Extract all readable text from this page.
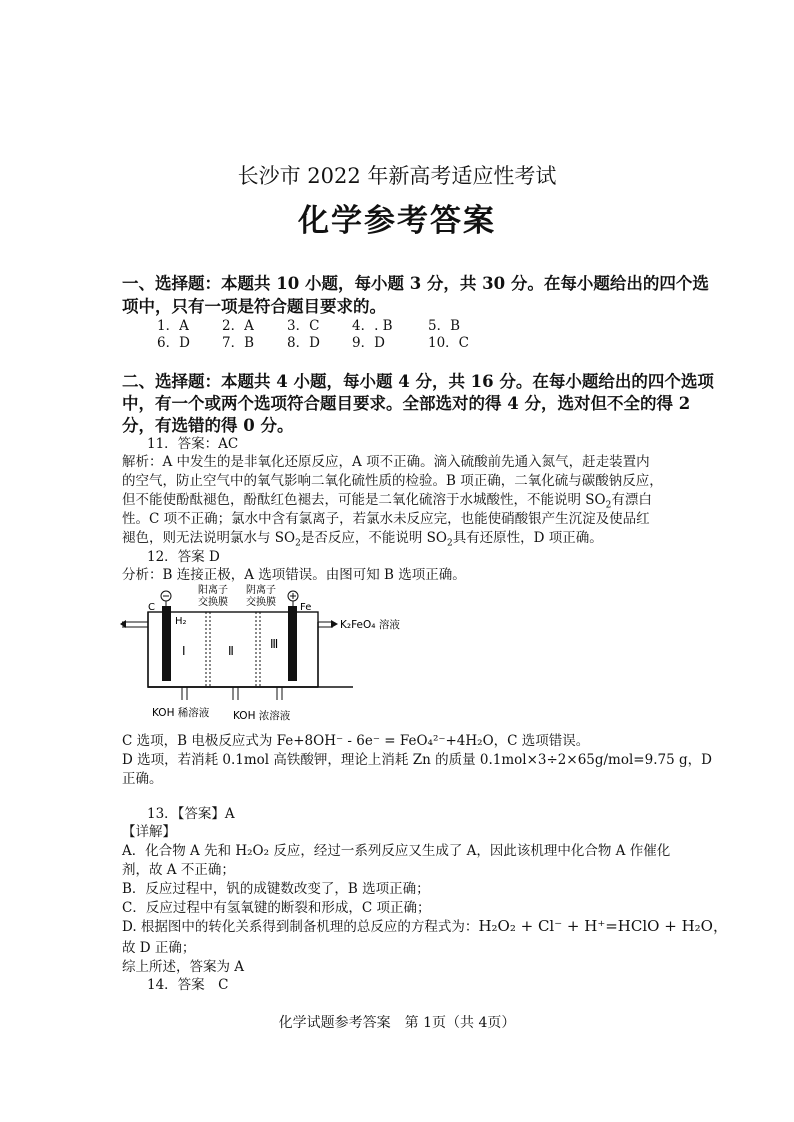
长沙市 2022 年新高考适应性考试
化学参考答案
一、选择题：本题共 10 小题，每小题 3 分，共 30 分。在每小题给出的四个选
项中，只有一项是符合题目要求的。
1．A 2．A 3．C 4．. B	5．B
6．D 7．B 8．D 9．D	10．C
二、选择题：本题共 4 小题，每小题 4 分，共 16 分。在每小题给出的四个选项
中，有一个或两个选项符合题目要求。全部选对的得 4 分，选对但不全的得 2
分，有选错的得 0 分。
11．答案：AC
解析：A 中发生的是非氧化还原反应，A 项不正确。滴入硫酸前先通入氮气，赶走装置内
的空气，防止空气中的氧气影响二氧化硫性质的检验。B 项正确，二氧化硫与碳酸钠反应，
但不能使酚酞褪色，酚酞红色褪去，可能是二氧化硫溶于水城酸性，不能说明 $SO_2$有漂白
性。C 项不正确；氯水中含有氯离子，若氯水未反应完，也能使硝酸银产生沉淀及使品红
褪色，则无法说明氯水与 $SO_2$是否反应，不能说明 $SO_2$具有还原性，D 项正确。
12．答案 D
分析：B 连接正极，A 选项错误。由图可知 B 选项正确。
C	Fe
H₂
阳离子
交换膜
阴离子
交换膜
Ⅰ	Ⅱ	Ⅲ
K₂FeO₄ 溶液
KOH 稀溶液 KOH 浓溶液
C 选项，B 电极反应式为 Fe+8OH⁻ - 6e⁻ = FeO₄²⁻+4H₂O，C 选项错误。
D 选项，若消耗 0.1mol 高铁酸钾，理论上消耗 Zn 的质量 0.1mol×3÷2×65g/mol=9.75 g，D
正确。
13．【答案】A
【详解】
A．化合物 A 先和 H₂O₂ 反应，经过一系列反应又生成了 A，因此该机理中化合物 A 作催化
剂，故 A 不正确；
B．反应过程中，钒的成键数改变了，B 选项正确；
C．反应过程中有氢氧键的断裂和形成，C 项正确；
D. 根据图中的转化关系得到制备机理的总反应的方程式为：H₂O₂ + Cl⁻ + H⁺=HClO + H₂O，
故 D 正确；
综上所述，答案为 A
14．答案　C
化学试题参考答案　第 1页（共 4页）
